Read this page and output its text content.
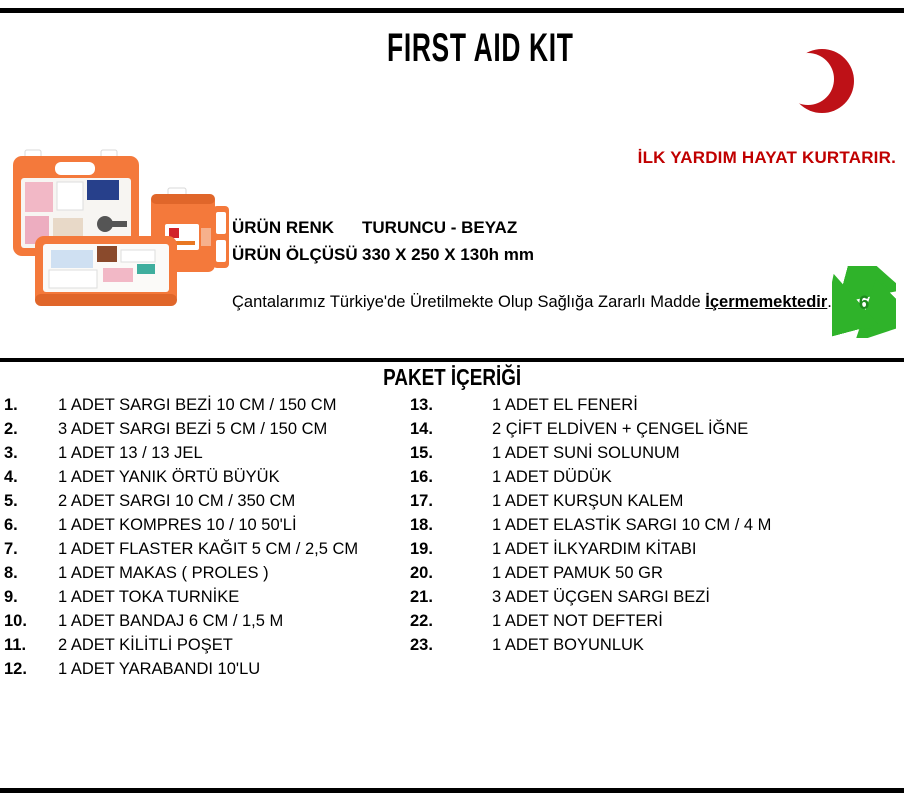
FIRST AID KIT
İLK YARDIM HAYAT KURTARIR.
ÜRÜN RENK	TURUNCU - BEYAZ
ÜRÜN ÖLÇÜSÜ 330 X 250 X 130h mm
Çantalarımız Türkiye'de Üretilmekte Olup Sağlığa Zararlı Madde İçermemektedir. 6
PAKET İÇERİĞİ
1.	1 ADET SARGI BEZİ 10 CM / 150 CM
2.	3 ADET SARGI BEZİ 5 CM / 150 CM
3.	1 ADET 13 / 13 JEL
4.	1 ADET YANIK ÖRTÜ BÜYÜK
5.	2 ADET SARGI 10 CM / 350 CM
6.	1 ADET KOMPRES 10 / 10 50'Lİ
7.	1 ADET FLASTER KAĞIT 5 CM / 2,5 CM
8.	1 ADET MAKAS ( PROLES )
9.	1 ADET TOKA TURNİKE
10.	1 ADET BANDAJ 6 CM / 1,5 M
11.	2 ADET KİLİTLİ POŞET
12.	1 ADET YARABANDI 10'LU
13.	1 ADET EL FENERİ
14.	2 ÇİFT ELDİVEN + ÇENGEL İĞNE
15.	1 ADET SUNİ SOLUNUM
16.	1 ADET DÜDÜK
17.	1 ADET KURŞUN KALEM
18.	1 ADET ELASTİK SARGI 10 CM / 4 M
19.	1 ADET İLKYARDIM KİTABI
20.	1 ADET PAMUK 50 GR
21.	3 ADET ÜÇGEN SARGI BEZİ
22.	1 ADET NOT DEFTERİ
23.	1 ADET BOYUNLUK
